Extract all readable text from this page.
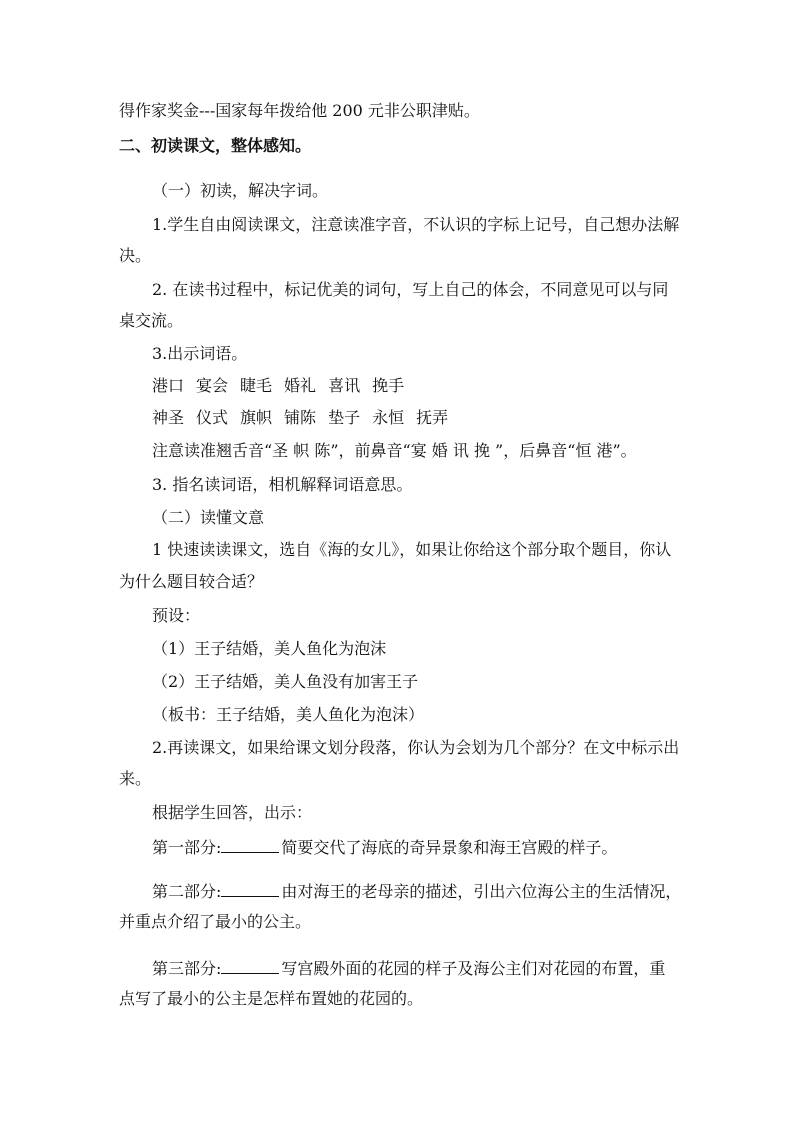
得作家奖金---国家每年拨给他 200 元非公职津贴。
二、初读课文，整体感知。
（一）初读，解决字词。
1.学生自由阅读课文，注意读准字音，不认识的字标上记号，自己想办法解
决。
2. 在读书过程中，标记优美的词句，写上自己的体会，不同意见可以与同
桌交流。
3.出示词语。
港口 宴会 睫毛 婚礼 喜讯 挽手
神圣 仪式 旗帜 铺陈 垫子 永恒 抚弄
注意读准翘舌音“圣 帜 陈”，前鼻音“宴 婚 讯 挽 ”，后鼻音“恒 港”。
3. 指名读词语，相机解释词语意思。
（二）读懂文意
1 快速读读课文，选自《海的女儿》，如果让你给这个部分取个题目，你认
为什么题目较合适？
预设：
（1）王子结婚，美人鱼化为泡沫
（2）王子结婚，美人鱼没有加害王子
（板书：王子结婚，美人鱼化为泡沫）
2.再读课文，如果给课文划分段落，你认为会划为几个部分？在文中标示出
来。
根据学生回答，出示：
第一部分:	简要交代了海底的奇异景象和海王宫殿的样子。
第二部分:	由对海王的老母亲的描述，引出六位海公主的生活情况，
并重点介绍了最小的公主。
第三部分:	写宫殿外面的花园的样子及海公主们对花园的布置，重
点写了最小的公主是怎样布置她的花园的。
